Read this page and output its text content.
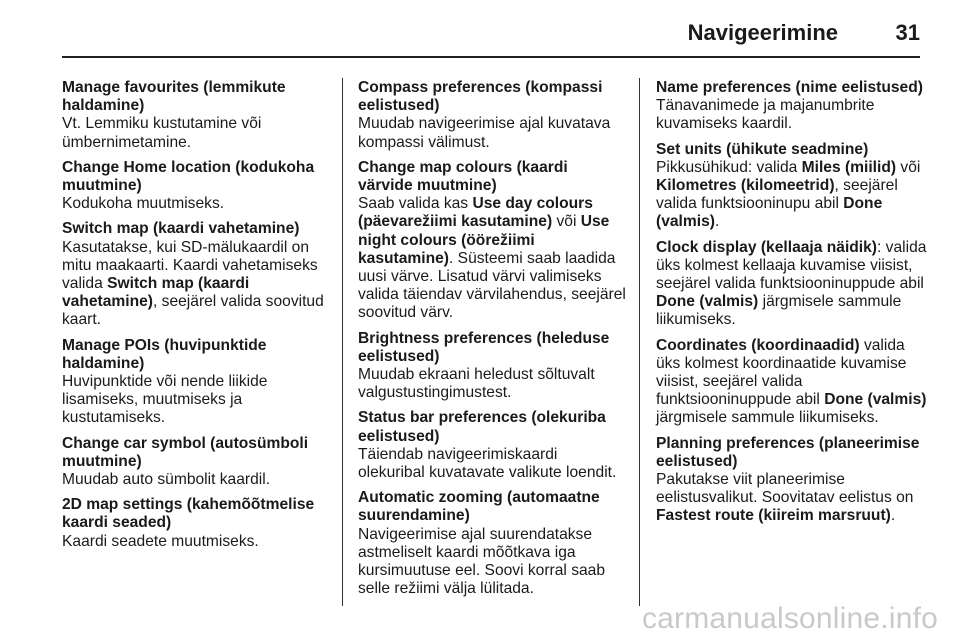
Navigeerimine	31
Manage favourites (lemmikute haldamine)
Vt. Lemmiku kustutamine või ümbernimetamine.
Change Home location (kodukoha muutmine)
Kodukoha muutmiseks.
Switch map (kaardi vahetamine)
Kasutatakse, kui SD-mälukaardil on mitu maakaarti. Kaardi vahetamiseks valida Switch map (kaardi vahetamine), seejärel valida soovitud kaart.
Manage POIs (huvipunktide haldamine)
Huvipunktide või nende liikide lisamiseks, muutmiseks ja kustutamiseks.
Change car symbol (autosümboli muutmine)
Muudab auto sümbolit kaardil.
2D map settings (kahemõõtmelise kaardi seaded)
Kaardi seadete muutmiseks.
Compass preferences (kompassi eelistused)
Muudab navigeerimise ajal kuvatava kompassi välimust.
Change map colours (kaardi värvide muutmine)
Saab valida kas Use day colours (päevarežiimi kasutamine) või Use night colours (öörežiimi kasutamine). Süsteemi saab laadida uusi värve. Lisatud värvi valimiseks valida täiendav värvilahendus, seejärel soovitud värv.
Brightness preferences (heleduse eelistused)
Muudab ekraani heledust sõltuvalt valgustustingimustest.
Status bar preferences (olekuriba eelistused)
Täiendab navigeerimiskaardi olekuribal kuvatavate valikute loendit.
Automatic zooming (automaatne suurendamine)
Navigeerimise ajal suurendatakse astmeliselt kaardi mõõtkava iga kursimuutuse eel. Soovi korral saab selle režiimi välja lülitada.
Name preferences (nime eelistused)
Tänavanimede ja majanumbrite kuvamiseks kaardil.
Set units (ühikute seadmine)
Pikkusühikud: valida Miles (miilid) või Kilometres (kilomeetrid), seejärel valida funktsiooninupu abil Done (valmis).
Clock display (kellaaja näidik): valida üks kolmest kellaaja kuvamise viisist, seejärel valida funktsiooninuppude abil Done (valmis) järgmisele sammule liikumiseks.
Coordinates (koordinaadid) valida üks kolmest koordinaatide kuvamise viisist, seejärel valida funktsiooninuppude abil Done (valmis) järgmisele sammule liikumiseks.
Planning preferences (planeerimise eelistused)
Pakutakse viit planeerimise eelistusvalikut. Soovitatav eelistus on Fastest route (kiireim marsruut).
carmanualsonline.info
